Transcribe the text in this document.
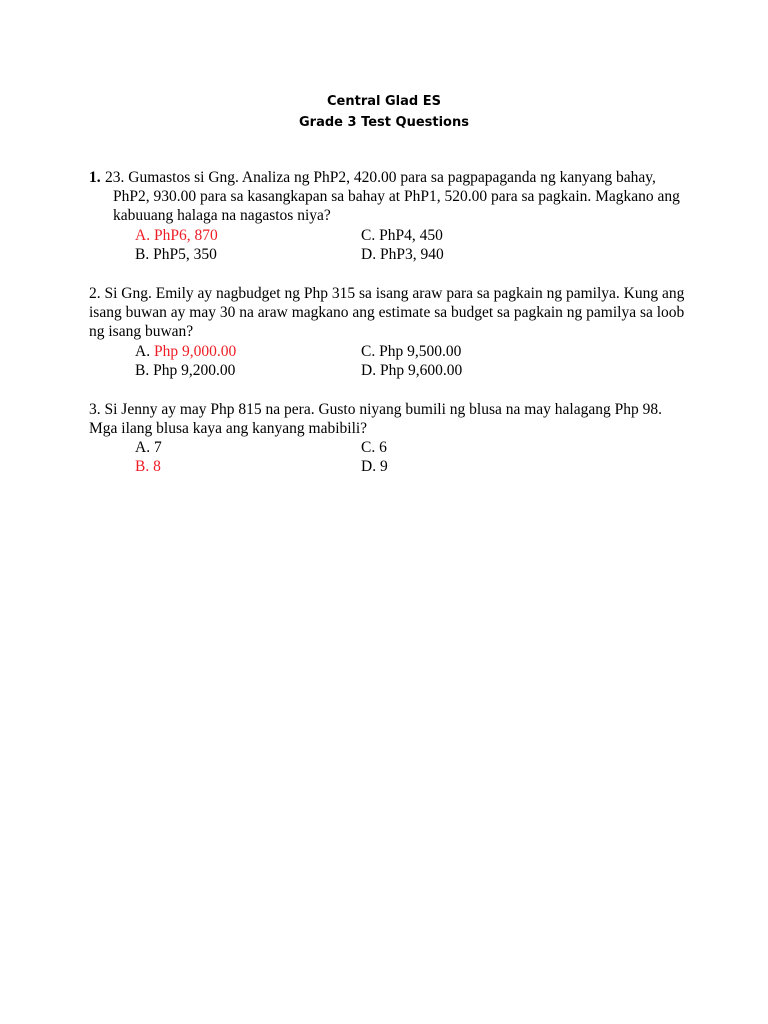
Central Glad ES
Grade 3 Test Questions
1. 23. Gumastos si Gng. Analiza ng PhP2, 420.00 para sa pagpapaganda ng kanyang bahay,
PhP2, 930.00 para sa kasangkapan sa bahay at PhP1, 520.00 para sa pagkain. Magkano ang
kabuuang halaga na nagastos niya?
A. PhP6, 870
B. PhP5, 350
C. PhP4, 450
D. PhP3, 940
2. Si Gng. Emily ay nagbudget ng Php 315 sa isang araw para sa pagkain ng pamilya. Kung ang
isang buwan ay may 30 na araw magkano ang estimate sa budget sa pagkain ng pamilya sa loob
ng isang buwan?
A. Php 9,000.00
B. Php 9,200.00
C. Php 9,500.00
D. Php 9,600.00
3. Si Jenny ay may Php 815 na pera. Gusto niyang bumili ng blusa na may halagang Php 98.
Mga ilang blusa kaya ang kanyang mabibili?
A. 7
B. 8
C. 6
D. 9
